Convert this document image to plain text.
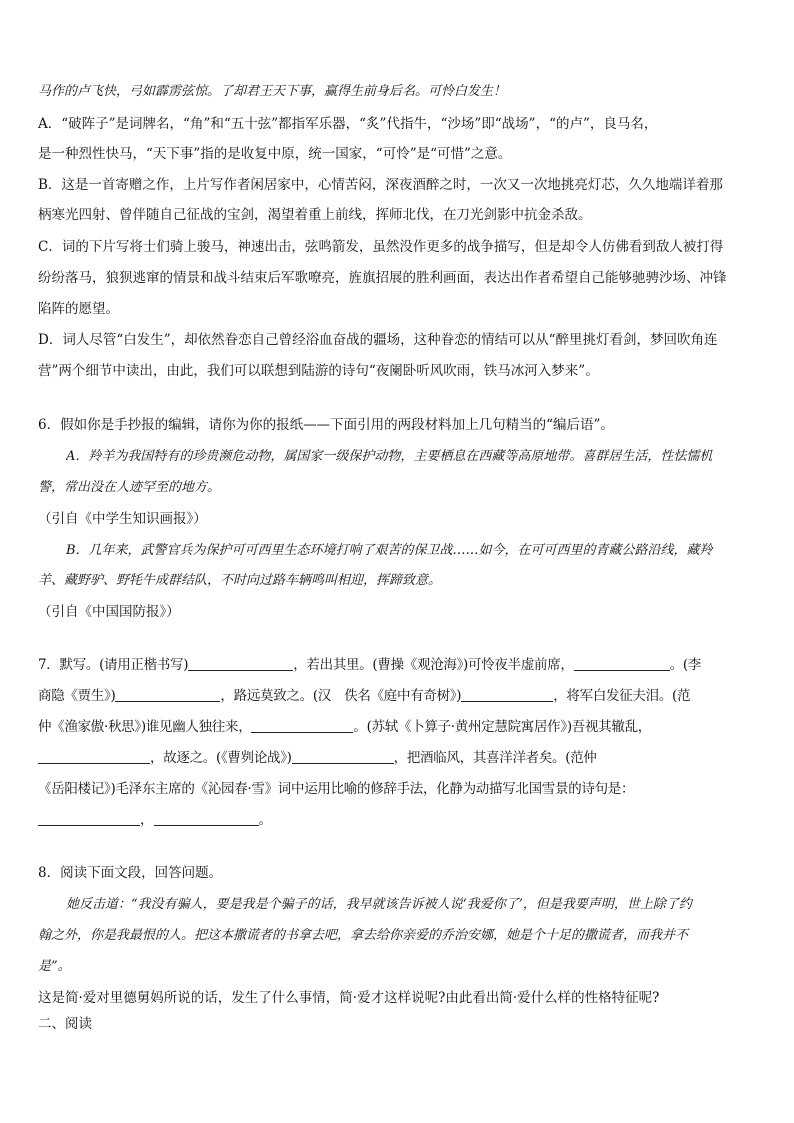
马作的卢飞快，弓如霹雳弦惊。了却君王天下事，赢得生前身后名。可怜白发生！
A．“破阵子”是词牌名，“角”和“五十弦”都指军乐器，“炙”代指牛，“沙场”即“战场”，“的卢”，良马名，
是一种烈性快马，“天下事”指的是收复中原，统一国家，“可怜”是“可惜”之意。
B．这是一首寄赠之作，上片写作者闲居家中，心情苦闷，深夜酒醉之时，一次又一次地挑亮灯芯，久久地端详着那
柄寒光四射、曾伴随自己征战的宝剑，渴望着重上前线，挥师北伐，在刀光剑影中抗金杀敌。
C．词的下片写将士们骑上骏马，神速出击，弦鸣箭发，虽然没作更多的战争描写，但是却令人仿佛看到敌人被打得
纷纷落马，狼狈逃窜的情景和战斗结束后军歌嘹亮，旌旗招展的胜利画面，表达出作者希望自己能够驰骋沙场、冲锋
陷阵的愿望。
D．词人尽管“白发生”，却依然眷恋自己曾经浴血奋战的疆场，这种眷恋的情结可以从“醉里挑灯看剑，梦回吹角连
营”两个细节中读出，由此，我们可以联想到陆游的诗句“夜阑卧听风吹雨，铁马冰河入梦来”。
6．假如你是手抄报的编辑，请你为你的报纸——下面引用的两段材料加上几句精当的“编后语”。
A．羚羊为我国特有的珍贵濒危动物，属国家一级保护动物，主要栖息在西藏等高原地带。喜群居生活，性怯懦机
警，常出没在人迹罕至的地方。
（引自《中学生知识画报》）
B．几年来，武警官兵为保护可可西里生态环境打响了艰苦的保卫战……如今，在可可西里的青藏公路沿线，藏羚
羊、藏野驴、野牦牛成群结队，不时向过路车辆鸣叫相迎，挥蹄致意。
（引自《中国国防报》）
7．默写。(请用正楷书写)	，若出其里。(曹操《观沧海》)可怜夜半虚前席，	。(李
商隐《贾生》)	，路远莫致之。(汉　佚名《庭中有奇树》)	，将军白发征夫泪。(范
仲《渔家傲·秋思》)谁见幽人独往来，	。(苏轼《卜算子·黄州定慧院寓居作》)吾视其辙乱，
，故逐之。(《曹刿论战》)	，把酒临风，其喜洋洋者矣。(范仲
《岳阳楼记》)毛泽东主席的《沁园春·雪》词中运用比喻的修辞手法，化静为动描写北国雪景的诗句是：
，	。
8．阅读下面文段，回答问题。
她反击道：“我没有骗人，要是我是个骗子的话，我早就该告诉被人说‘我爱你了’，但是我要声明，世上除了约
翰之外，你是我最恨的人。把这本撒谎者的书拿去吧，拿去给你亲爱的乔治安娜，她是个十足的撒谎者，而我并不
是”。
这是简·爱对里德舅妈所说的话，发生了什么事情，简·爱才这样说呢?由此看出简·爱什么样的性格特征呢?
二、阅读
